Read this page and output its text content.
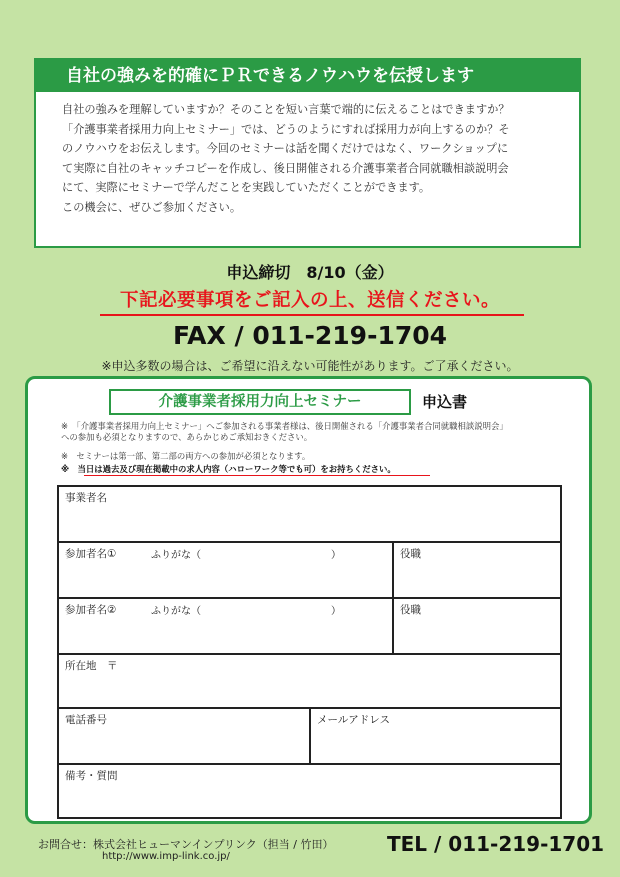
自社の強みを的確にＰＲできるノウハウを伝授します
自社の強みを理解していますか？そのことを短い言葉で端的に伝えることはできますか？
「介護事業者採用力向上セミナー」では、どうのようにすれば採用力が向上するのか？そ
のノウハウをお伝えします。今回のセミナーは話を聞くだけではなく、ワークショップに
て実際に自社のキャッチコピーを作成し、後日開催される介護事業者合同就職相談説明会
にて、実際にセミナーで学んだことを実践していただくことができます。
この機会に、ぜひご参加ください。
申込締切　8/10（金）
下記必要事項をご記入の上、送信ください。
FAX / 011-219-1704
※申込多数の場合は、ご希望に沿えない可能性があります。ご了承ください。
介護事業者採用力向上セミナー	申込書
※　「介護事業者採用力向上セミナー」へご参加される事業者様は、後日開催される「介護事業者合同就職相談説明会」
への参加も必須となりますので、あらかじめご承知おきください。
※　セミナーは第一部、第二部の両方への参加が必須となります。
※　当日は過去及び現在掲載中の求人内容（ハローワーク等でも可）をお持ちください。
事業者名
参加者名①	ふりがな（　　　　　　　　　　　　　）	役職
参加者名②	ふりがな（　　　　　　　　　　　　　）	役職
所在地　〒
電話番号	メールアドレス
備考・質問
お問合せ：株式会社ヒューマンインプリンク（担当 / 竹田）
http://www.imp-link.co.jp/
TEL / 011-219-1701
